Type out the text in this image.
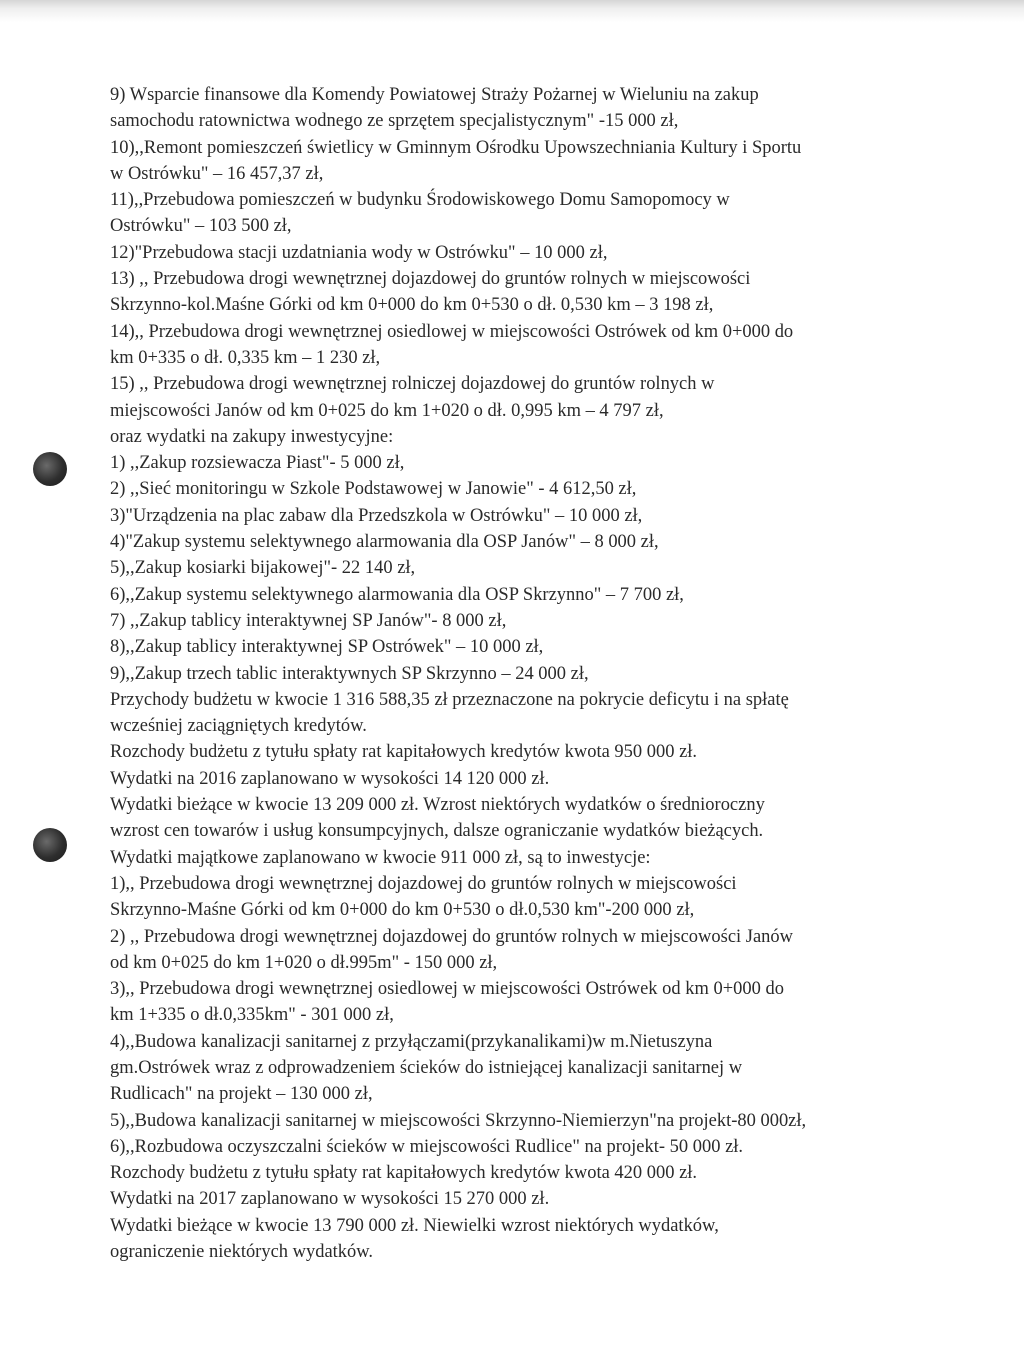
9) Wsparcie finansowe dla Komendy Powiatowej Straży Pożarnej w Wieluniu na zakup
samochodu ratownictwa wodnego ze sprzętem specjalistycznym" -15 000 zł,
10),,Remont pomieszczeń świetlicy w Gminnym Ośrodku Upowszechniania Kultury i Sportu
w Ostrówku" – 16 457,37 zł,
11),,Przebudowa pomieszczeń w budynku Środowiskowego Domu Samopomocy w
Ostrówku" – 103 500 zł,
12)"Przebudowa stacji uzdatniania wody w Ostrówku" – 10 000 zł,
13) ,, Przebudowa drogi wewnętrznej dojazdowej do gruntów rolnych w miejscowości
Skrzynno-kol.Maśne Górki od km 0+000 do km 0+530 o dł. 0,530 km – 3 198 zł,
14),, Przebudowa drogi wewnętrznej osiedlowej w miejscowości Ostrówek od km 0+000 do
km 0+335 o dł. 0,335 km – 1 230 zł,
15) ,, Przebudowa drogi wewnętrznej rolniczej dojazdowej do gruntów rolnych w
miejscowości Janów od km 0+025 do km 1+020 o dł. 0,995 km – 4 797 zł,
oraz wydatki na zakupy inwestycyjne:
1) ,,Zakup rozsiewacza Piast"- 5 000 zł,
2) ,,Sieć monitoringu w Szkole Podstawowej w Janowie" - 4 612,50 zł,
3)"Urządzenia na plac zabaw dla Przedszkola w Ostrówku" – 10 000 zł,
4)"Zakup systemu selektywnego alarmowania dla OSP Janów" – 8 000 zł,
5),,Zakup kosiarki bijakowej"- 22 140 zł,
6),,Zakup systemu selektywnego alarmowania dla OSP Skrzynno" – 7 700 zł,
7) ,,Zakup tablicy interaktywnej SP Janów"- 8 000 zł,
8),,Zakup tablicy interaktywnej SP Ostrówek" – 10 000 zł,
9),,Zakup trzech tablic interaktywnych SP Skrzynno – 24 000 zł,
Przychody budżetu w kwocie 1 316 588,35 zł przeznaczone na pokrycie deficytu i na spłatę
wcześniej zaciągniętych kredytów.
Rozchody budżetu z tytułu spłaty rat kapitałowych kredytów kwota 950 000 zł.
Wydatki na 2016 zaplanowano w wysokości 14 120 000 zł.
Wydatki bieżące w kwocie 13 209 000 zł. Wzrost niektórych wydatków o średnioroczny
wzrost cen towarów i usług konsumpcyjnych, dalsze ograniczanie wydatków bieżących.
Wydatki majątkowe zaplanowano w kwocie 911 000 zł, są to inwestycje:
1),, Przebudowa drogi wewnętrznej dojazdowej do gruntów rolnych w miejscowości
Skrzynno-Maśne Górki od km 0+000 do km 0+530 o dł.0,530 km"-200 000 zł,
2) ,, Przebudowa drogi wewnętrznej dojazdowej do gruntów rolnych w miejscowości Janów
od km 0+025 do km 1+020 o dł.995m" - 150 000 zł,
3),, Przebudowa drogi wewnętrznej osiedlowej w miejscowości Ostrówek od km 0+000 do
km 1+335 o dł.0,335km" - 301 000 zł,
4),,Budowa kanalizacji sanitarnej z przyłączami(przykanalikami)w m.Nietuszyna
gm.Ostrówek wraz z odprowadzeniem ścieków do istniejącej kanalizacji sanitarnej w
Rudlicach" na projekt – 130 000 zł,
5),,Budowa kanalizacji sanitarnej w miejscowości Skrzynno-Niemierzyn"na projekt-80 000zł,
6),,Rozbudowa oczyszczalni ścieków w miejscowości Rudlice" na projekt- 50 000 zł.
Rozchody budżetu z tytułu spłaty rat kapitałowych kredytów kwota 420 000 zł.
Wydatki na 2017 zaplanowano w wysokości 15 270 000 zł.
Wydatki bieżące w kwocie 13 790 000 zł. Niewielki wzrost niektórych wydatków,
ograniczenie niektórych wydatków.
